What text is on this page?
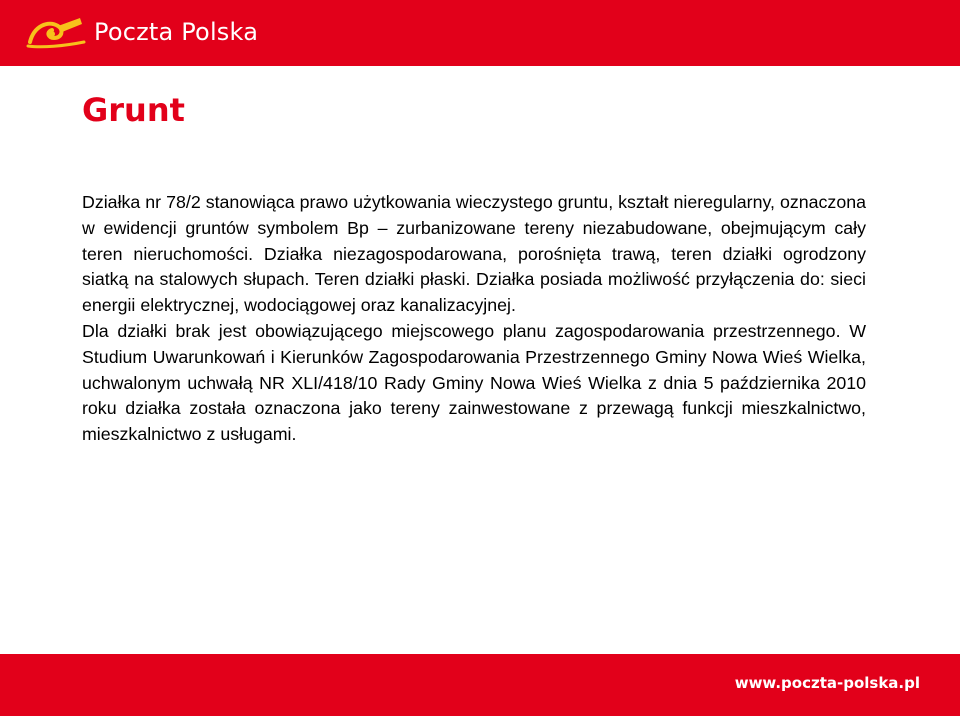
Poczta Polska
Grunt

Działka nr 78/2 stanowiąca prawo użytkowania wieczystego gruntu, kształt nieregularny, oznaczona w ewidencji gruntów symbolem Bp – zurbanizowane tereny niezabudowane, obejmującym cały teren nieruchomości. Działka niezagospodarowana, porośnięta trawą, teren działki ogrodzony siatką na stalowych słupach. Teren działki płaski. Działka posiada możliwość przyłączenia do: sieci energii elektrycznej, wodociągowej oraz kanalizacyjnej.

Dla działki brak jest obowiązującego miejscowego planu zagospodarowania przestrzennego. W Studium Uwarunkowań i Kierunków Zagospodarowania Przestrzennego Gminy Nowa Wieś Wielka, uchwalonym uchwałą NR XLI/418/10 Rady Gminy Nowa Wieś Wielka z dnia 5 października 2010 roku działka została oznaczona jako tereny zainwestowane z przewagą funkcji mieszkalnictwo, mieszkalnictwo z usługami.

www.poczta-polska.pl
